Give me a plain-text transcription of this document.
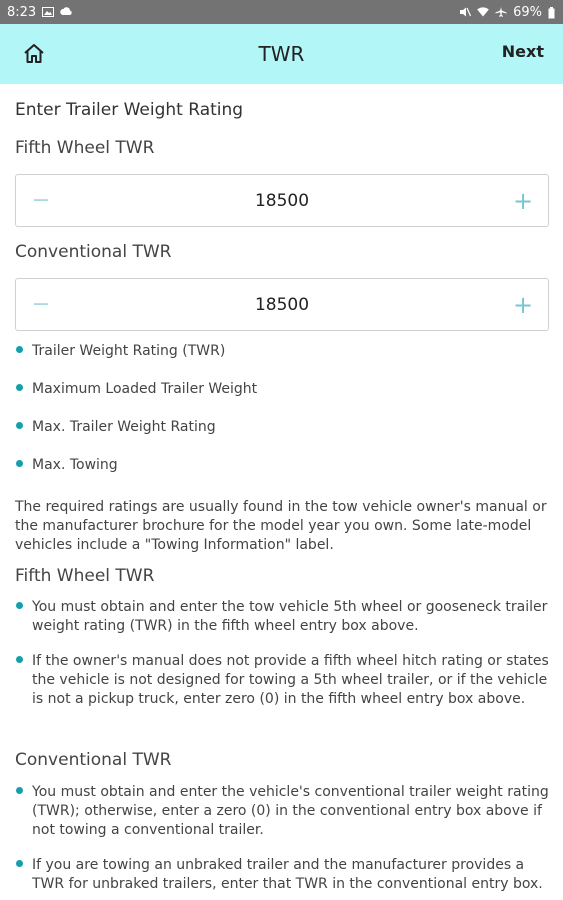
8:23	69%
TWR	Next
Enter Trailer Weight Rating
Fifth Wheel TWR
−	18500	+
Conventional TWR
−	18500	+
Trailer Weight Rating (TWR)
Maximum Loaded Trailer Weight
Max. Trailer Weight Rating
Max. Towing
The required ratings are usually found in the tow vehicle owner's manual or the manufacturer brochure for the model year you own. Some late-model vehicles include a "Towing Information" label.
Fifth Wheel TWR
You must obtain and enter the tow vehicle 5th wheel or gooseneck trailer weight rating (TWR) in the fifth wheel entry box above.
If the owner's manual does not provide a fifth wheel hitch rating or states the vehicle is not designed for towing a 5th wheel trailer, or if the vehicle is not a pickup truck, enter zero (0) in the fifth wheel entry box above.
Conventional TWR
You must obtain and enter the vehicle's conventional trailer weight rating (TWR); otherwise, enter a zero (0) in the conventional entry box above if not towing a conventional trailer.
If you are towing an unbraked trailer and the manufacturer provides a TWR for unbraked trailers, enter that TWR in the conventional entry box.
